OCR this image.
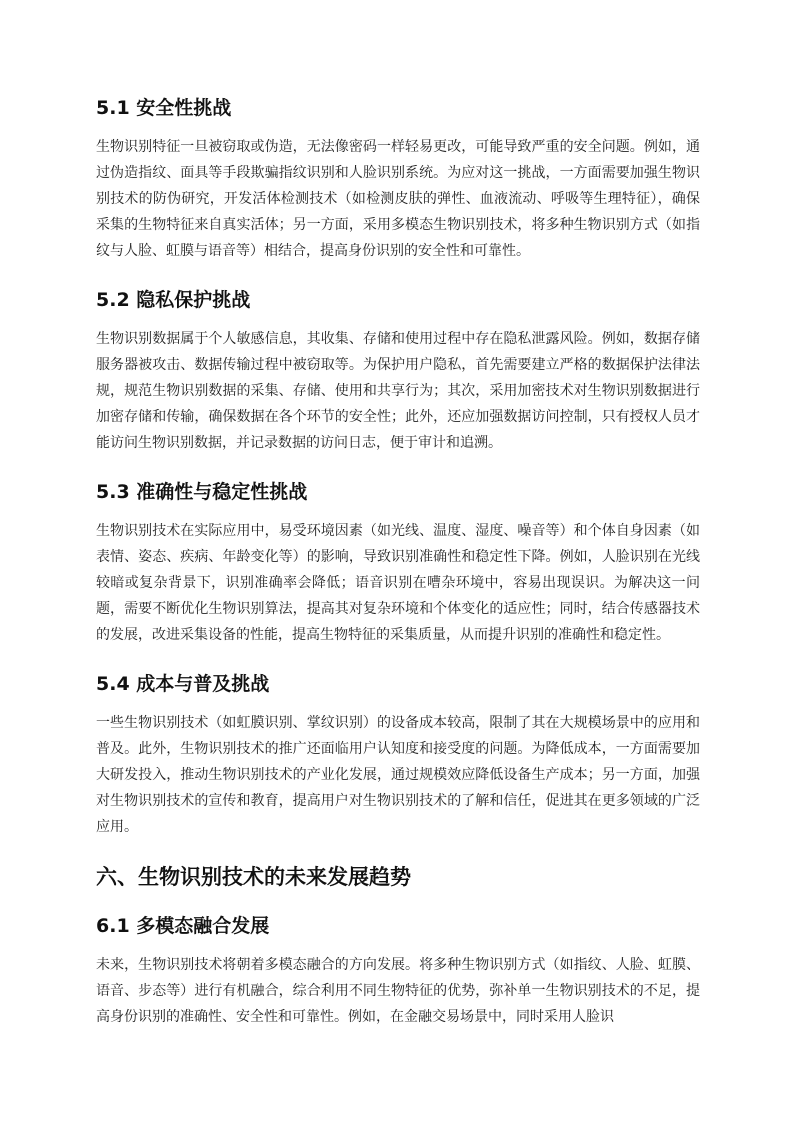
5.1 安全性挑战
生物识别特征一旦被窃取或伪造，无法像密码一样轻易更改，可能导致严重的安全问题。例如，通过伪造指纹、面具等手段欺骗指纹识别和人脸识别系统。为应对这一挑战，一方面需要加强生物识别技术的防伪研究，开发活体检测技术（如检测皮肤的弹性、血液流动、呼吸等生理特征），确保采集的生物特征来自真实活体；另一方面，采用多模态生物识别技术，将多种生物识别方式（如指纹与人脸、虹膜与语音等）相结合，提高身份识别的安全性和可靠性。
5.2 隐私保护挑战
生物识别数据属于个人敏感信息，其收集、存储和使用过程中存在隐私泄露风险。例如，数据存储服务器被攻击、数据传输过程中被窃取等。为保护用户隐私，首先需要建立严格的数据保护法律法规，规范生物识别数据的采集、存储、使用和共享行为；其次，采用加密技术对生物识别数据进行加密存储和传输，确保数据在各个环节的安全性；此外，还应加强数据访问控制，只有授权人员才能访问生物识别数据，并记录数据的访问日志，便于审计和追溯。
5.3 准确性与稳定性挑战
生物识别技术在实际应用中，易受环境因素（如光线、温度、湿度、噪音等）和个体自身因素（如表情、姿态、疾病、年龄变化等）的影响，导致识别准确性和稳定性下降。例如，人脸识别在光线较暗或复杂背景下，识别准确率会降低；语音识别在嘈杂环境中，容易出现误识。为解决这一问题，需要不断优化生物识别算法，提高其对复杂环境和个体变化的适应性；同时，结合传感器技术的发展，改进采集设备的性能，提高生物特征的采集质量，从而提升识别的准确性和稳定性。
5.4 成本与普及挑战
一些生物识别技术（如虹膜识别、掌纹识别）的设备成本较高，限制了其在大规模场景中的应用和普及。此外，生物识别技术的推广还面临用户认知度和接受度的问题。为降低成本，一方面需要加大研发投入，推动生物识别技术的产业化发展，通过规模效应降低设备生产成本；另一方面，加强对生物识别技术的宣传和教育，提高用户对生物识别技术的了解和信任，促进其在更多领域的广泛应用。
六、生物识别技术的未来发展趋势
6.1 多模态融合发展
未来，生物识别技术将朝着多模态融合的方向发展。将多种生物识别方式（如指纹、人脸、虹膜、语音、步态等）进行有机融合，综合利用不同生物特征的优势，弥补单一生物识别技术的不足，提高身份识别的准确性、安全性和可靠性。例如，在金融交易场景中，同时采用人脸识
